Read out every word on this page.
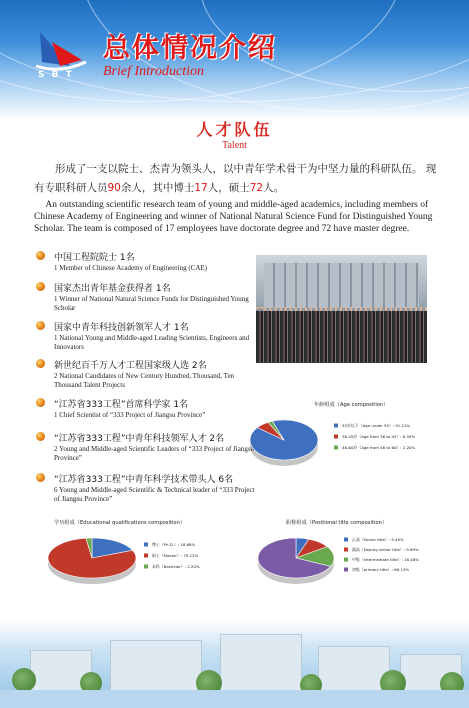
S B T
总体情况介绍
Brief Introduction
人才队伍
Talent
形成了一支以院士、杰青为领头人，以中青年学术骨干为中坚力量的科研队伍。 现有专职科研人员90余人，其中博士17人，硕士72人。
An outstanding scientific research team of young and middle-aged academics, including members of Chinese Academy of Engineering and winner of National Natural Science Fund for Distinguished Young Scholar. The team is composed of 17 employees have doctorate degree and 72 have master degree.
中国工程院院士 1名
1 Member of Chinese Academy of Engineering (CAE)
国家杰出青年基金获得者 1名
1 Winner of National Natural Science Funds for Distinguished Young Scholar
国家中青年科技创新领军人才 1名
1 National Young and Middle-aged Leading Scientists, Engineers and Innovators
新世纪百千万人才工程国家级人选 2名
2 National Candidates of New Century Hundred, Thousand, Ten Thousand Talent Projects
“江苏省333工程”首席科学家 1名
1 Chief Scientist of “333 Project of Jiangsu Province”
“江苏省333工程”中青年科技领军人才 2名
2 Young and Middle-aged Scientific Leaders of “333 Project of Jiangsu Province”
“江苏省333工程”中青年科学技术带头人 6名
6 Young and Middle-aged Scientific & Technical leader of “333 Project of Jiangsu Province”
年龄组成（Age composition）
35岁以下（Age under 35）: 91.21%
36-45岁（Age from 36 to 45）: 6.59%
46-60岁（Age from 46 to 60）: 2.20%
学历组成（Educational qualifications composition）
博士（Ph.D.）: 18.68%
硕士（Master）: 79.12%
本科（Bachelor）: 2.20%
职称组成（Positional title composition）
正高（Senior title）: 5.49%
副高（Deputy senior title）: 9.89%
中级（Intermediate title）: 16.48%
初级（primary title）: 68.13%
